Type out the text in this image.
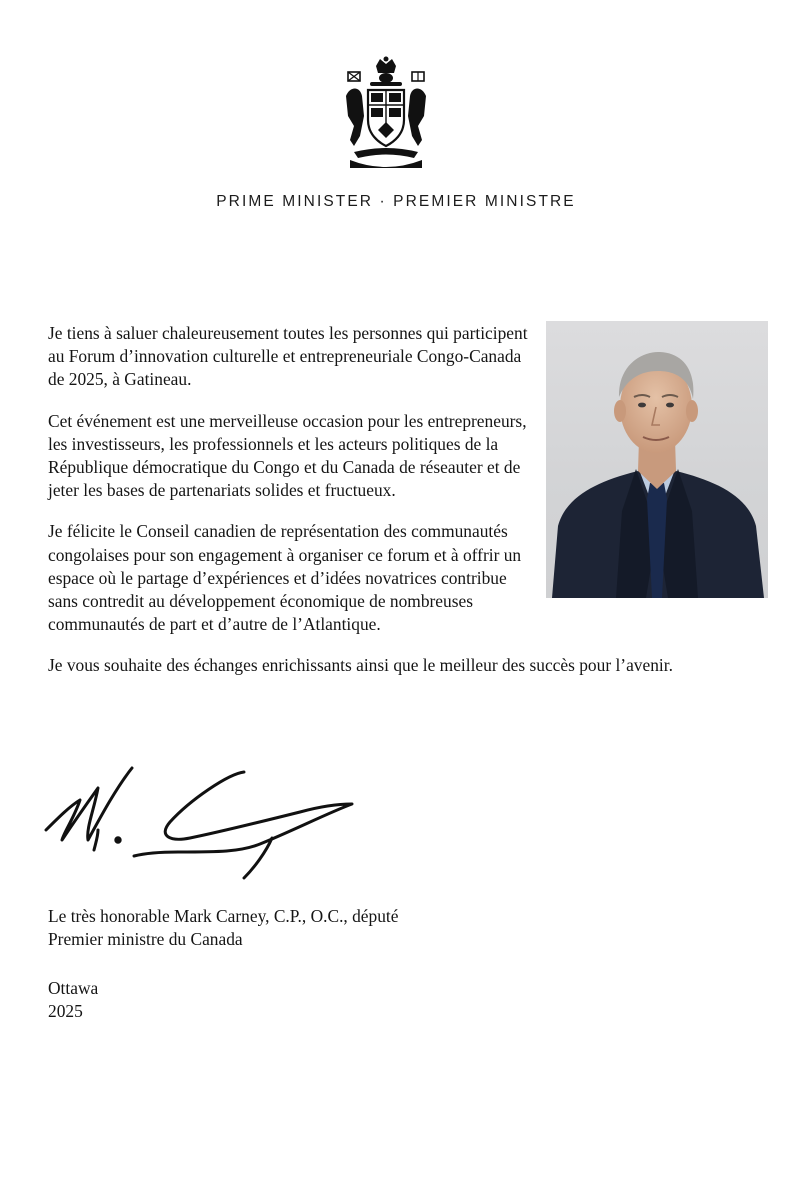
PRIME MINISTER · PREMIER MINISTRE

Je tiens à saluer chaleureusement toutes les personnes qui participent au Forum d’innovation culturelle et entrepreneuriale Congo-Canada de 2025, à Gatineau.

Cet événement est une merveilleuse occasion pour les entrepreneurs, les investisseurs, les professionnels et les acteurs politiques de la République démocratique du Congo et du Canada de réseauter et de jeter les bases de partenariats solides et fructueux.

Je félicite le Conseil canadien de représentation des communautés congolaises pour son engagement à organiser ce forum et à offrir un espace où le partage d’expériences et d’idées novatrices contribue sans contredit au développement économique de nombreuses communautés de part et d’autre de l’Atlantique.

Je vous souhaite des échanges enrichissants ainsi que le meilleur des succès pour l’avenir.

Le très honorable Mark Carney, C.P., O.C., député
Premier ministre du Canada
Ottawa
2025
